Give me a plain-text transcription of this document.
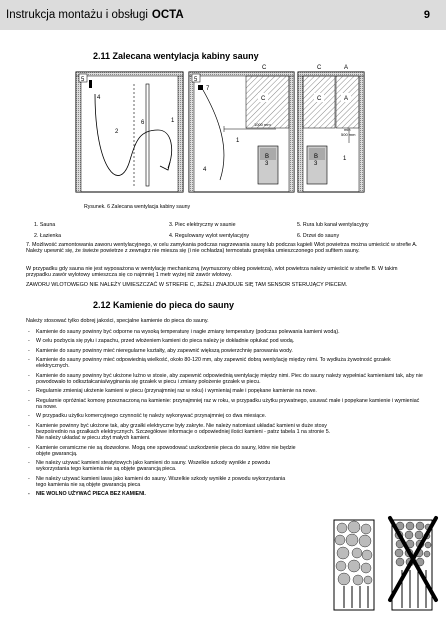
Instrukcja montażu i obsługi OCTA	9
2.11 Zalecana wentylacja kabiny sauny
5
4
2
6	1
5
7
C
C
1000 mm
1
B
3
4
C	A
C	A
min
500 mm
B
3
1
Rysunek. 6 Zalecana wentylacja kabiny sauny
1. Sauna	3. Piec elektryczny w saunie	5. Rura lub kanał wentylacyjny
2. Łazienka	4. Regulowany wylot wentylacyjny	6. Drzwi do sauny
7. Możliwość zamontowania zaworu wentylacyjnego, w celu zamykania podczas nagrzewania sauny lub podczas kąpieli Wlot powietrza można umieścić w strefie A. Należy upewnić się, że świeże powietrze z zewnątrz nie miesza się (i nie ochładza) termostatu grzejnika umieszczonego pod sufitem sauny.
W przypadku gdy sauna nie jest wyposażona w wentylację mechaniczną (wymuszony obieg powietrza), wlot powietrza należy umieścić w strefie B. W takim przypadku zawór wylotowy umieszcza się co najmniej 1 metr wyżej niż zawór wlotowy.
ZAWORU WLOTOWEGO NIE NALEŻY UMIESZCZAĆ W STREFIE C, JEŻELI ZNAJDUJE SIĘ TAM SENSOR STERUJĄCY PIECEM.
2.12 Kamienie do pieca do sauny
Należy stosować tylko dobrej jakości, specjalne kamienie do pieca do sauny.
- Kamienie do sauny powinny być odporne na wysoką temperaturę i nagłe zmiany temperatury (podczas polewania kamieni wodą).
- W celu pozbycia się pyłu i zapachu, przed włożeniem kamieni do pieca należy je dokładnie opłukać pod wodą.
- Kamienie do sauny powinny mieć nieregularne kształty, aby zapewnić większą powierzchnię parowania wody.
- Kamienie do sauny powinny mieć odpowiednią wielkość, około 80-120 mm, aby zapewnić dobrą wentylację między nimi. To wydłuża żywotność grzałek elektrycznych.
- Kamienie do sauny powinny być ułożone luźno w stosie, aby zapewnić odpowiednią wentylację między nimi. Piec do sauny należy wypełniać kamieniami tak, aby nie powodowało to odkształcania/wyginania się grzałek w piecu i zmiany położenie grzałek w piecu.
- Regularnie zmieniaj ułożenie kamieni w piecu (przynajmniej raz w roku) i wymieniaj małe i popękane kamienie na nowe.
- Regularnie opróżniać komorę przeznaczoną na kamienie: przynajmniej raz w roku, w przypadku użytku prywatnego, usuwać małe i popękane kamienie i wymieniać na nowe.
- W przypadku użytku komercyjnego czynność tę należy wykonywać przynajmniej co dwa miesiące.
- Kamienie powinny być ułożone tak, aby grzałki elektryczne były zakryte. Nie należy natomiast układać kamieni w duże stosy bezpośrednio na grzałkach elektrycznych. Szczegółowe informacje o odpowiedniej ilości kamieni - patrz tabela 1 na stronie 5. Nie należy układać w piecu zbyt małych kamieni.
- Kamienie ceramiczne nie są dozwolone. Mogą one spowodować uszkodzenie pieca do sauny, które nie będzie objęte gwarancją.
- Nie należy używać kamieni steatytowych jako kamieni do sauny. Wszelkie szkody wynikłe z powodu wykorzystania tego kamienia nie są objęte gwarancją pieca.
- Nie należy używać kamieni lawa jako kamieni do sauny. Wszelkie szkody wynikłe z powodu wykorzystania tego kamienia nie są objęte gwarancją pieca
- NIE WOLNO UŻYWAĆ PIECA BEZ KAMIENI.
